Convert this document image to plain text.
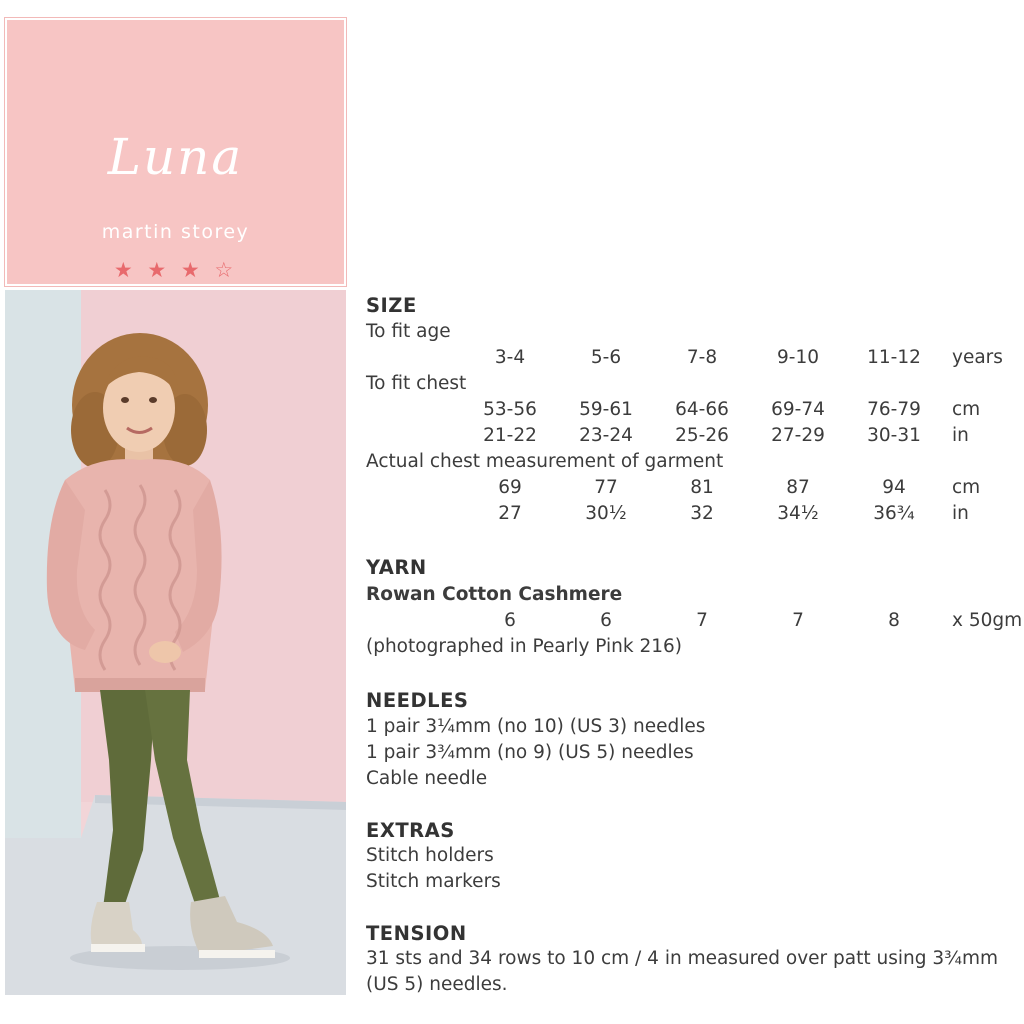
Luna
martin storey
★ ★ ★ ☆
SIZE
To fit age
3-4	5-6	7-8	9-10	11-12	years
To fit chest
53-56	59-61	64-66	69-74	76-79	cm
21-22	23-24	25-26	27-29	30-31	in
Actual chest measurement of garment
69	77	81	87	94	cm
27	30½	32	34½	36¾	in
YARN
Rowan Cotton Cashmere
6	6	7	7	8	x 50gm
(photographed in Pearly Pink 216)
NEEDLES
1 pair 3¼mm (no 10) (US 3) needles
1 pair 3¾mm (no 9) (US 5) needles
Cable needle
EXTRAS
Stitch holders
Stitch markers
TENSION
31 sts and 34 rows to 10 cm / 4 in measured over patt using 3¾mm
(US 5) needles.
